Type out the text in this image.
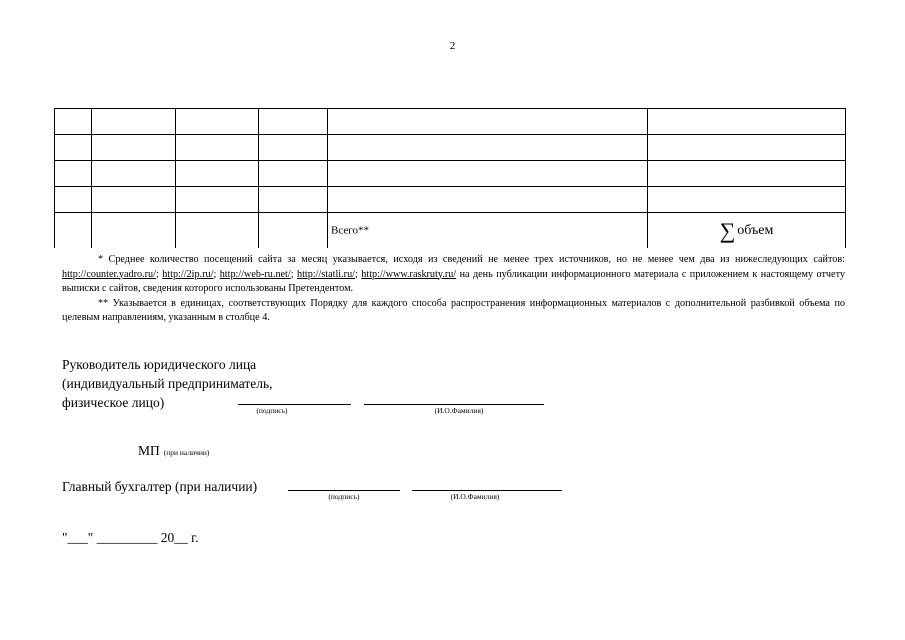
2

				Всего**	∑ объем

* Среднее количество посещений сайта за месяц указывается, исходя из сведений не менее трех источников, но не менее чем два из нижеследующих сайтов: http://counter.yadro.ru/; http://2ip.ru/; http://web-ru.net/; http://statli.ru/; http://www.raskruty.ru/ на день публикации информационного материала с приложением к настоящему отчету выписки с сайтов, сведения которого использованы Претендентом.

** Указывается в единицах, соответствующих Порядку для каждого способа распространения информационных материалов с дополнительной разбивкой объема по целевым направлениям, указанным в столбце 4.

Руководитель юридического лица
(индивидуальный предприниматель,
физическое лицо)
(подпись)	(И.О.Фамилия)
МП (при наличии)
Главный бухгалтер (при наличии)
(подпись)	(И.О.Фамилия)
"___" _________ 20__ г.
